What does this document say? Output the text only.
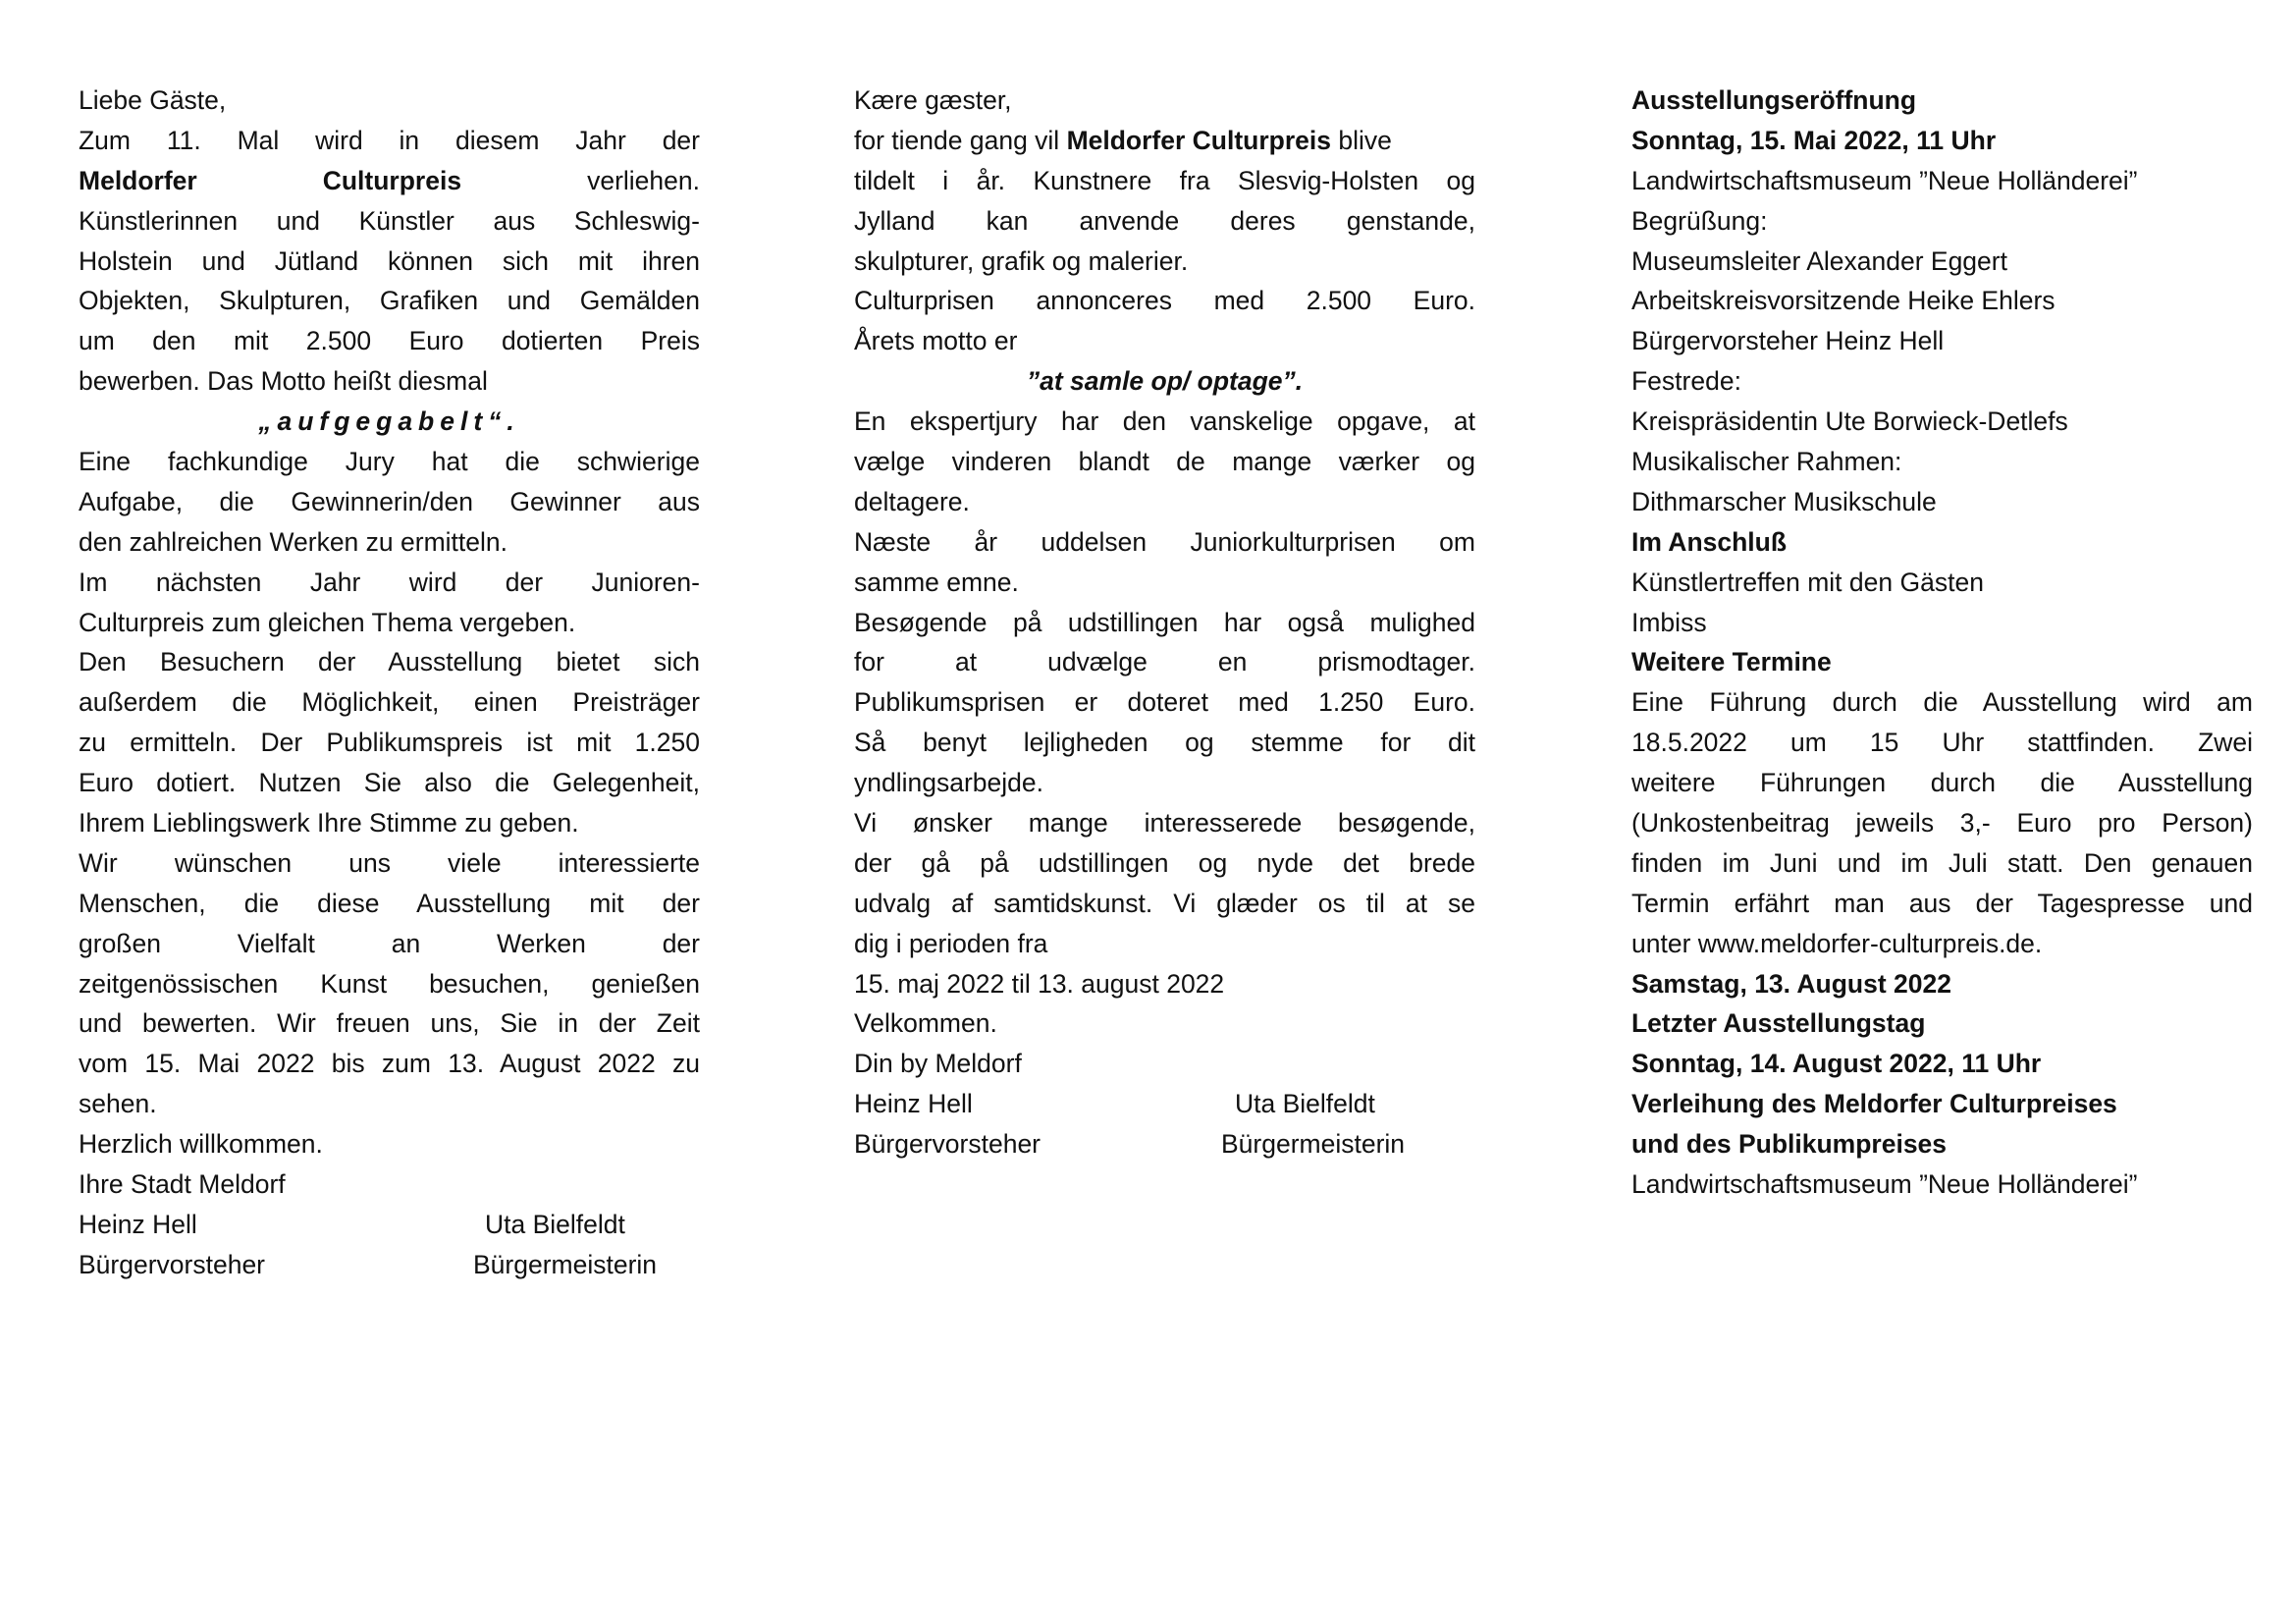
Liebe Gäste,
Zum 11. Mal wird in diesem Jahr der
Meldorfer	Culturpreis	verliehen.
Künstlerinnen und Künstler aus Schleswig-
Holstein und Jütland können sich mit ihren
Objekten, Skulpturen, Grafiken und Gemälden
um den mit 2.500 Euro dotierten Preis
bewerben. Das Motto heißt diesmal
„aufgegabelt“.
Eine fachkundige Jury hat die schwierige
Aufgabe, die Gewinnerin/den Gewinner aus
den zahlreichen Werken zu ermitteln.
Im nächsten Jahr wird der Junioren-
Culturpreis zum gleichen Thema vergeben.
Den Besuchern der Ausstellung bietet sich
außerdem die Möglichkeit, einen Preisträger
zu ermitteln. Der Publikumspreis ist mit 1.250
Euro dotiert. Nutzen Sie also die Gelegenheit,
Ihrem Lieblingswerk Ihre Stimme zu geben.
Wir wünschen uns viele interessierte
Menschen, die diese Ausstellung mit der
großen Vielfalt an Werken der
zeitgenössischen Kunst besuchen, genießen
und bewerten. Wir freuen uns, Sie in der Zeit
vom 15. Mai 2022 bis zum 13. August 2022 zu
sehen.
Herzlich willkommen.
Ihre Stadt Meldorf
Heinz Hell	Uta Bielfeldt
Bürgervorsteher	Bürgermeisterin
Kære gæster,
for tiende gang vil Meldorfer Culturpreis blive
tildelt i år. Kunstnere fra Slesvig-Holsten og
Jylland kan anvende deres genstande,
skulpturer, grafik og malerier.
Culturprisen annonceres med 2.500 Euro.
Årets motto er
”at samle op/ optage”.
En ekspertjury har den vanskelige opgave, at
vælge vinderen blandt de mange værker og
deltagere.
Næste år uddelsen Juniorkulturprisen om
samme emne.
Besøgende på udstillingen har også mulighed
for at udvælge en prismodtager.
Publikumsprisen er doteret med 1.250 Euro.
Så benyt lejligheden og stemme for dit
yndlingsarbejde.
Vi ønsker mange interesserede besøgende,
der gå på udstillingen og nyde det brede
udvalg af samtidskunst. Vi glæder os til at se
dig i perioden fra
15. maj 2022 til 13. august 2022
Velkommen.
Din by Meldorf
Heinz Hell	Uta Bielfeldt
Bürgervorsteher	Bürgermeisterin
Ausstellungseröffnung
Sonntag, 15. Mai 2022, 11 Uhr
Landwirtschaftsmuseum ”Neue Holländerei”
Begrüßung:
Museumsleiter Alexander Eggert
Arbeitskreisvorsitzende Heike Ehlers
Bürgervorsteher Heinz Hell
Festrede:
Kreispräsidentin Ute Borwieck-Detlefs
Musikalischer Rahmen:
Dithmarscher Musikschule
Im Anschluß
Künstlertreffen mit den Gästen
Imbiss
Weitere Termine
Eine Führung durch die Ausstellung wird am
18.5.2022 um 15 Uhr stattfinden. Zwei
weitere Führungen durch die Ausstellung
(Unkostenbeitrag jeweils 3,- Euro pro Person)
finden im Juni und im Juli statt. Den genauen
Termin erfährt man aus der Tagespresse und
unter www.meldorfer-culturpreis.de.
Samstag, 13. August 2022
Letzter Ausstellungstag
Sonntag, 14. August 2022, 11 Uhr
Verleihung des Meldorfer Culturpreises
und des Publikumpreises
Landwirtschaftsmuseum ”Neue Holländerei”
